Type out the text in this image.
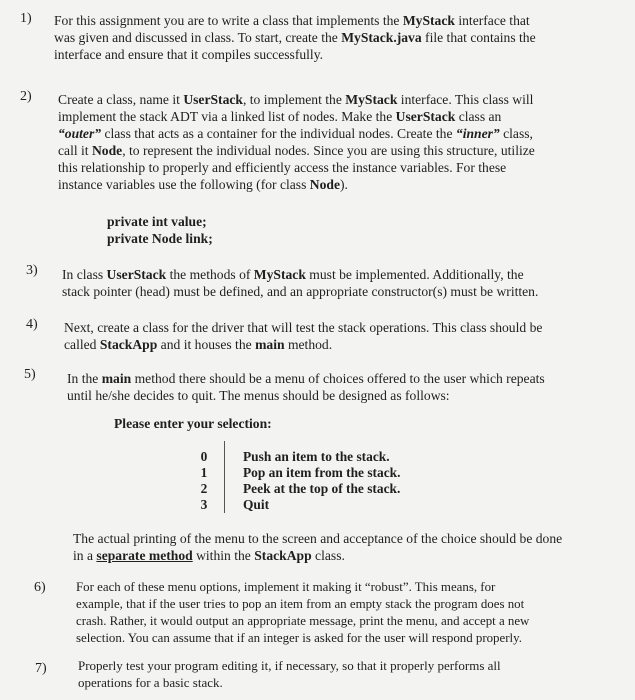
1) For this assignment you are to write a class that implements the MyStack interface that

was given and discussed in class. To start, create the MyStack.java file that contains the

interface and ensure that it compiles successfully.

2) Create a class, name it UserStack, to implement the MyStack interface. This class will

implement the stack ADT via a linked list of nodes. Make the UserStack class an

“outer” class that acts as a container for the individual nodes. Create the “inner” class,

call it Node, to represent the individual nodes. Since you are using this structure, utilize

this relationship to properly and efficiently access the instance variables. For these

instance variables use the following (for class Node).

private int value;
private Node link;
3) In class UserStack the methods of MyStack must be implemented. Additionally, the

stack pointer (head) must be defined, and an appropriate constructor(s) must be written.

4) Next, create a class for the driver that will test the stack operations. This class should be

called StackApp and it houses the main method.

5) In the main method there should be a menu of choices offered to the user which repeats

until he/she decides to quit. The menus should be designed as follows:

Please enter your selection:
0	Push an item to the stack.
1	Pop an item from the stack.
2	Peek at the top of the stack.
3	Quit

The actual printing of the menu to the screen and acceptance of the choice should be done

in a separate method within the StackApp class.

6) For each of these menu options, implement it making it “robust”. This means, for

example, that if the user tries to pop an item from an empty stack the program does not

crash. Rather, it would output an appropriate message, print the menu, and accept a new

selection. You can assume that if an integer is asked for the user will respond properly.

7) Properly test your program editing it, if necessary, so that it properly performs all

operations for a basic stack.
